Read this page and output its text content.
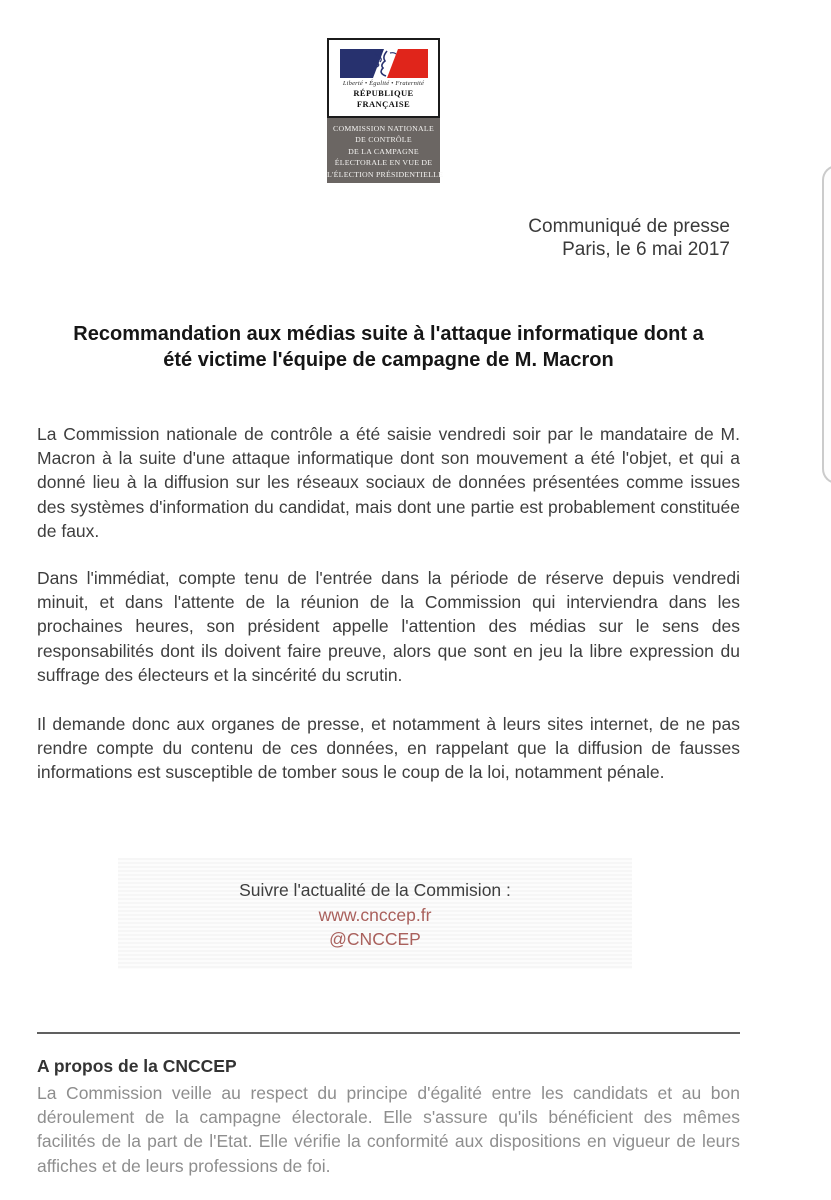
Liberté • Égalité • Fraternité
RÉPUBLIQUE FRANÇAISE
COMMISSION NATIONALE
DE CONTRÔLE
DE LA CAMPAGNE
ÉLECTORALE EN VUE DE
L'ÉLECTION PRÉSIDENTIELLE
Communiqué de presse
Paris, le 6 mai 2017
Recommandation aux médias suite à l'attaque informatique dont a
été victime l'équipe de campagne de M. Macron
La Commission nationale de contrôle a été saisie vendredi soir par le mandataire de M. Macron à la suite d'une attaque informatique dont son mouvement a été l'objet, et qui a donné lieu à la diffusion sur les réseaux sociaux de données présentées comme issues des systèmes d'information du candidat, mais dont une partie est probablement constituée de faux.
Dans l'immédiat, compte tenu de l'entrée dans la période de réserve depuis vendredi minuit, et dans l'attente de la réunion de la Commission qui interviendra dans les prochaines heures, son président appelle l'attention des médias sur le sens des responsabilités dont ils doivent faire preuve, alors que sont en jeu la libre expression du suffrage des électeurs et la sincérité du scrutin.
Il demande donc aux organes de presse, et notamment à leurs sites internet, de ne pas rendre compte du contenu de ces données, en rappelant que la diffusion de fausses informations est susceptible de tomber sous le coup de la loi, notamment pénale.
Suivre l'actualité de la Commision :
www.cnccep.fr
@CNCCEP
A propos de la CNCCEP
La Commission veille au respect du principe d'égalité entre les candidats et au bon déroulement de la campagne électorale. Elle s'assure qu'ils bénéficient des mêmes facilités de la part de l'Etat. Elle vérifie la conformité aux dispositions en vigueur de leurs affiches et de leurs professions de foi.
